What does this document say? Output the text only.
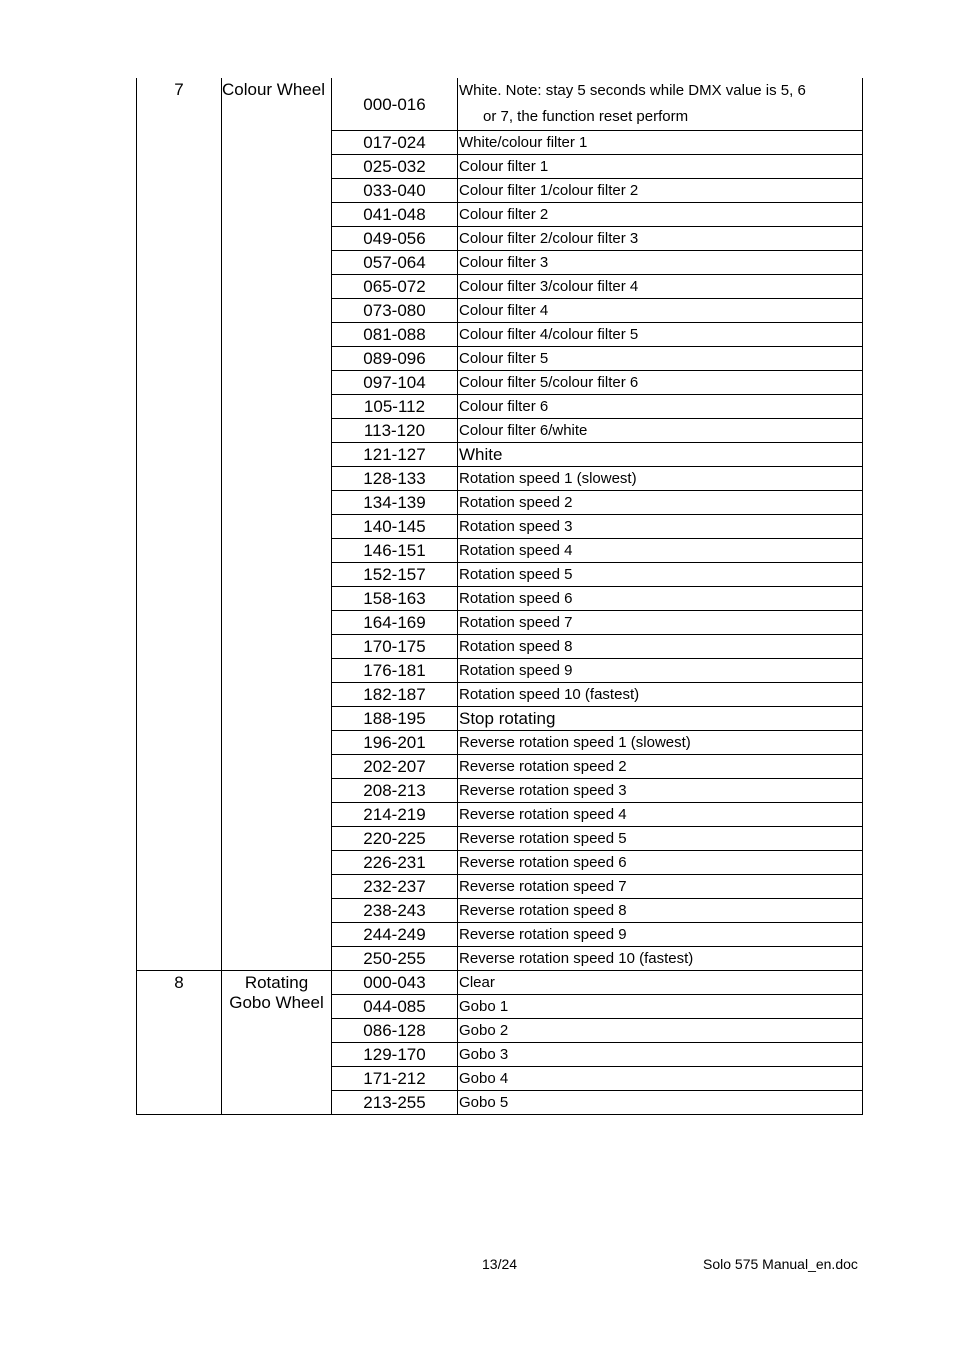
7	Colour Wheel	000-016	White. Note: stay 5 seconds while DMX value is 5, 6
or 7, the function reset perform

		017-024	White/colour filter 1
		025-032	Colour filter 1
		033-040	Colour filter 1/colour filter 2
		041-048	Colour filter 2
		049-056	Colour filter 2/colour filter 3
		057-064	Colour filter 3
		065-072	Colour filter 3/colour filter 4
		073-080	Colour filter 4
		081-088	Colour filter 4/colour filter 5
		089-096	Colour filter 5
		097-104	Colour filter 5/colour filter 6
		105-112	Colour filter 6
		113-120	Colour filter 6/white
		121-127	White
		128-133	Rotation speed 1 (slowest)
		134-139	Rotation speed 2
		140-145	Rotation speed 3
		146-151	Rotation speed 4
		152-157	Rotation speed 5
		158-163	Rotation speed 6
		164-169	Rotation speed 7
		170-175	Rotation speed 8
		176-181	Rotation speed 9
		182-187	Rotation speed 10 (fastest)
		188-195	Stop rotating
		196-201	Reverse rotation speed 1 (slowest)
		202-207	Reverse rotation speed 2
		208-213	Reverse rotation speed 3
		214-219	Reverse rotation speed 4
		220-225	Reverse rotation speed 5
		226-231	Reverse rotation speed 6
		232-237	Reverse rotation speed 7
		238-243	Reverse rotation speed 8
		244-249	Reverse rotation speed 9
		250-255	Reverse rotation speed 10 (fastest)

8	Rotating
Gobo Wheel	000-043	Clear
		044-085	Gobo 1
		086-128	Gobo 2
		129-170	Gobo 3
		171-212	Gobo 4
		213-255	Gobo 5
13/24	Solo 575 Manual_en.doc
